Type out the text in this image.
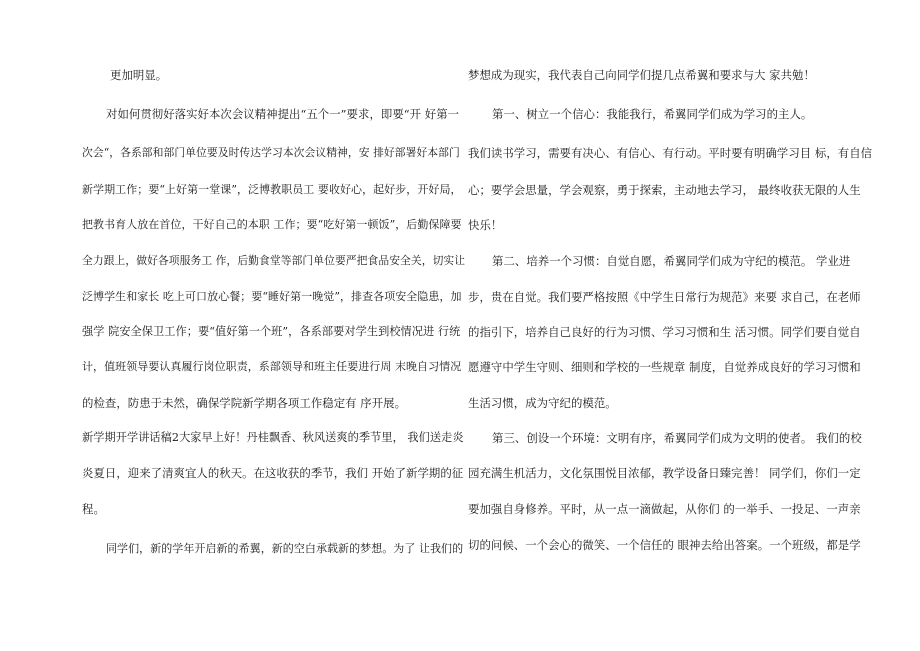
更加明显。
对如何贯彻好落实好本次会议精神提出“五个一”要求，即要“开 好第一
次会“，各系部和部门单位要及时传达学习本次会议精神，安 排好部署好本部门
新学期工作；要“上好第一堂课”，泛博教职员工 要收好心，起好步，开好局，
把教书育人放在首位，干好自己的本职 工作；要“吃好第一顿饭”，后勤保障要
全力跟上，做好各项服务工 作，后勤食堂等部门单位要严把食品安全关，切实让
泛博学生和家长 吃上可口放心餐；要“睡好第一晚觉”，排查各项安全隐患，加
强学 院安全保卫工作；要“值好第一个班”，各系部要对学生到校情况进 行统
计，值班领导要认真履行岗位职责，系部领导和班主任要进行周 末晚自习情况
的检查，防患于未然，确保学院新学期各项工作稳定有 序开展。
新学期开学讲话稿2大家早上好！丹桂飘香、秋风送爽的季节里， 我们送走炎
炎夏日，迎来了清爽宜人的秋天。在这收获的季节，我们 开始了新学期的征
程。
同学们，新的学年开启新的希翼，新的空白承载新的梦想。为了 让我们的
梦想成为现实，我代表自己向同学们提几点希翼和要求与大 家共勉！
第一、树立一个信心：我能我行，希翼同学们成为学习的主人。
我们读书学习，需要有决心、有信心、有行动。平时要有明确学习目 标，有自信
心；要学会思量，学会观察，勇于探索，主动地去学习， 最终收获无限的人生
快乐！
第二、培养一个习惯：自觉自愿，希翼同学们成为守纪的模范。 学业进
步，贵在自觉。我们要严格按照《中学生日常行为规范》来要 求自己，在老师
的指引下，培养自己良好的行为习惯、学习习惯和生 活习惯。同学们要自觉自
愿遵守中学生守则、细则和学校的一些规章 制度，自觉养成良好的学习习惯和
生活习惯，成为守纪的模范。
第三、创设一个环境：文明有序，希翼同学们成为文明的使者。 我们的校
园充满生机活力，文化氛围悦目浓郁，教学设备日臻完善！ 同学们，你们一定
要加强自身修养。平时，从一点一滴做起，从你们 的一举手、一投足、一声亲
切的问候、一个会心的微笑、一个信任的 眼神去给出答案。一个班级，都是学
